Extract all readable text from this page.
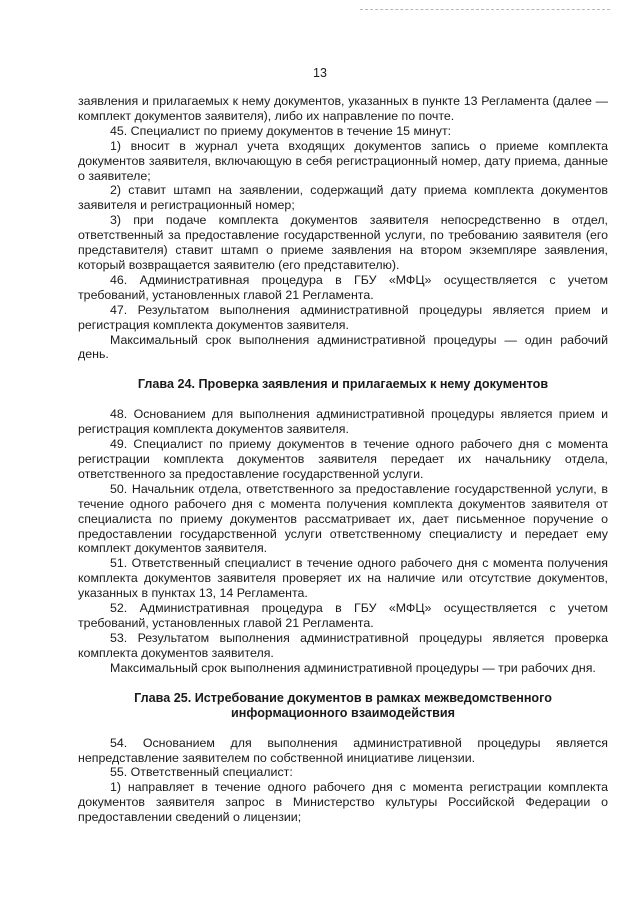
13

заявления и прилагаемых к нему документов, указанных в пункте 13 Регламента (далее — комплект документов заявителя), либо их направление по почте.

45. Специалист по приему документов в течение 15 минут:

1) вносит в журнал учета входящих документов запись о приеме комплекта документов заявителя, включающую в себя регистрационный номер, дату приема, данные о заявителе;

2) ставит штамп на заявлении, содержащий дату приема комплекта документов заявителя и регистрационный номер;

3) при подаче комплекта документов заявителя непосредственно в отдел, ответственный за предоставление государственной услуги, по требованию заявителя (его представителя) ставит штамп о приеме заявления на втором экземпляре заявления, который возвращается заявителю (его представителю).

46. Административная процедура в ГБУ «МФЦ» осуществляется с учетом требований, установленных главой 21 Регламента.

47. Результатом выполнения административной процедуры является прием и регистрация комплекта документов заявителя.

Максимальный срок выполнения административной процедуры — один рабочий день.

Глава 24. Проверка заявления и прилагаемых к нему документов

48. Основанием для выполнения административной процедуры является прием и регистрация комплекта документов заявителя.

49. Специалист по приему документов в течение одного рабочего дня с момента регистрации комплекта документов заявителя передает их начальнику отдела, ответственного за предоставление государственной услуги.

50. Начальник отдела, ответственного за предоставление государственной услуги, в течение одного рабочего дня с момента получения комплекта документов заявителя от специалиста по приему документов рассматривает их, дает письменное поручение о предоставлении государственной услуги ответственному специалисту и передает ему комплект документов заявителя.

51. Ответственный специалист в течение одного рабочего дня с момента получения комплекта документов заявителя проверяет их на наличие или отсутствие документов, указанных в пунктах 13, 14 Регламента.

52. Административная процедура в ГБУ «МФЦ» осуществляется с учетом требований, установленных главой 21 Регламента.

53. Результатом выполнения административной процедуры является проверка комплекта документов заявителя.

Максимальный срок выполнения административной процедуры — три рабочих дня.

Глава 25. Истребование документов в рамках межведомственного

информационного взаимодействия

54. Основанием для выполнения административной процедуры является непредставление заявителем по собственной инициативе лицензии.

55. Ответственный специалист:

1) направляет в течение одного рабочего дня с момента регистрации комплекта документов заявителя запрос в Министерство культуры Российской Федерации о предоставлении сведений о лицензии;
